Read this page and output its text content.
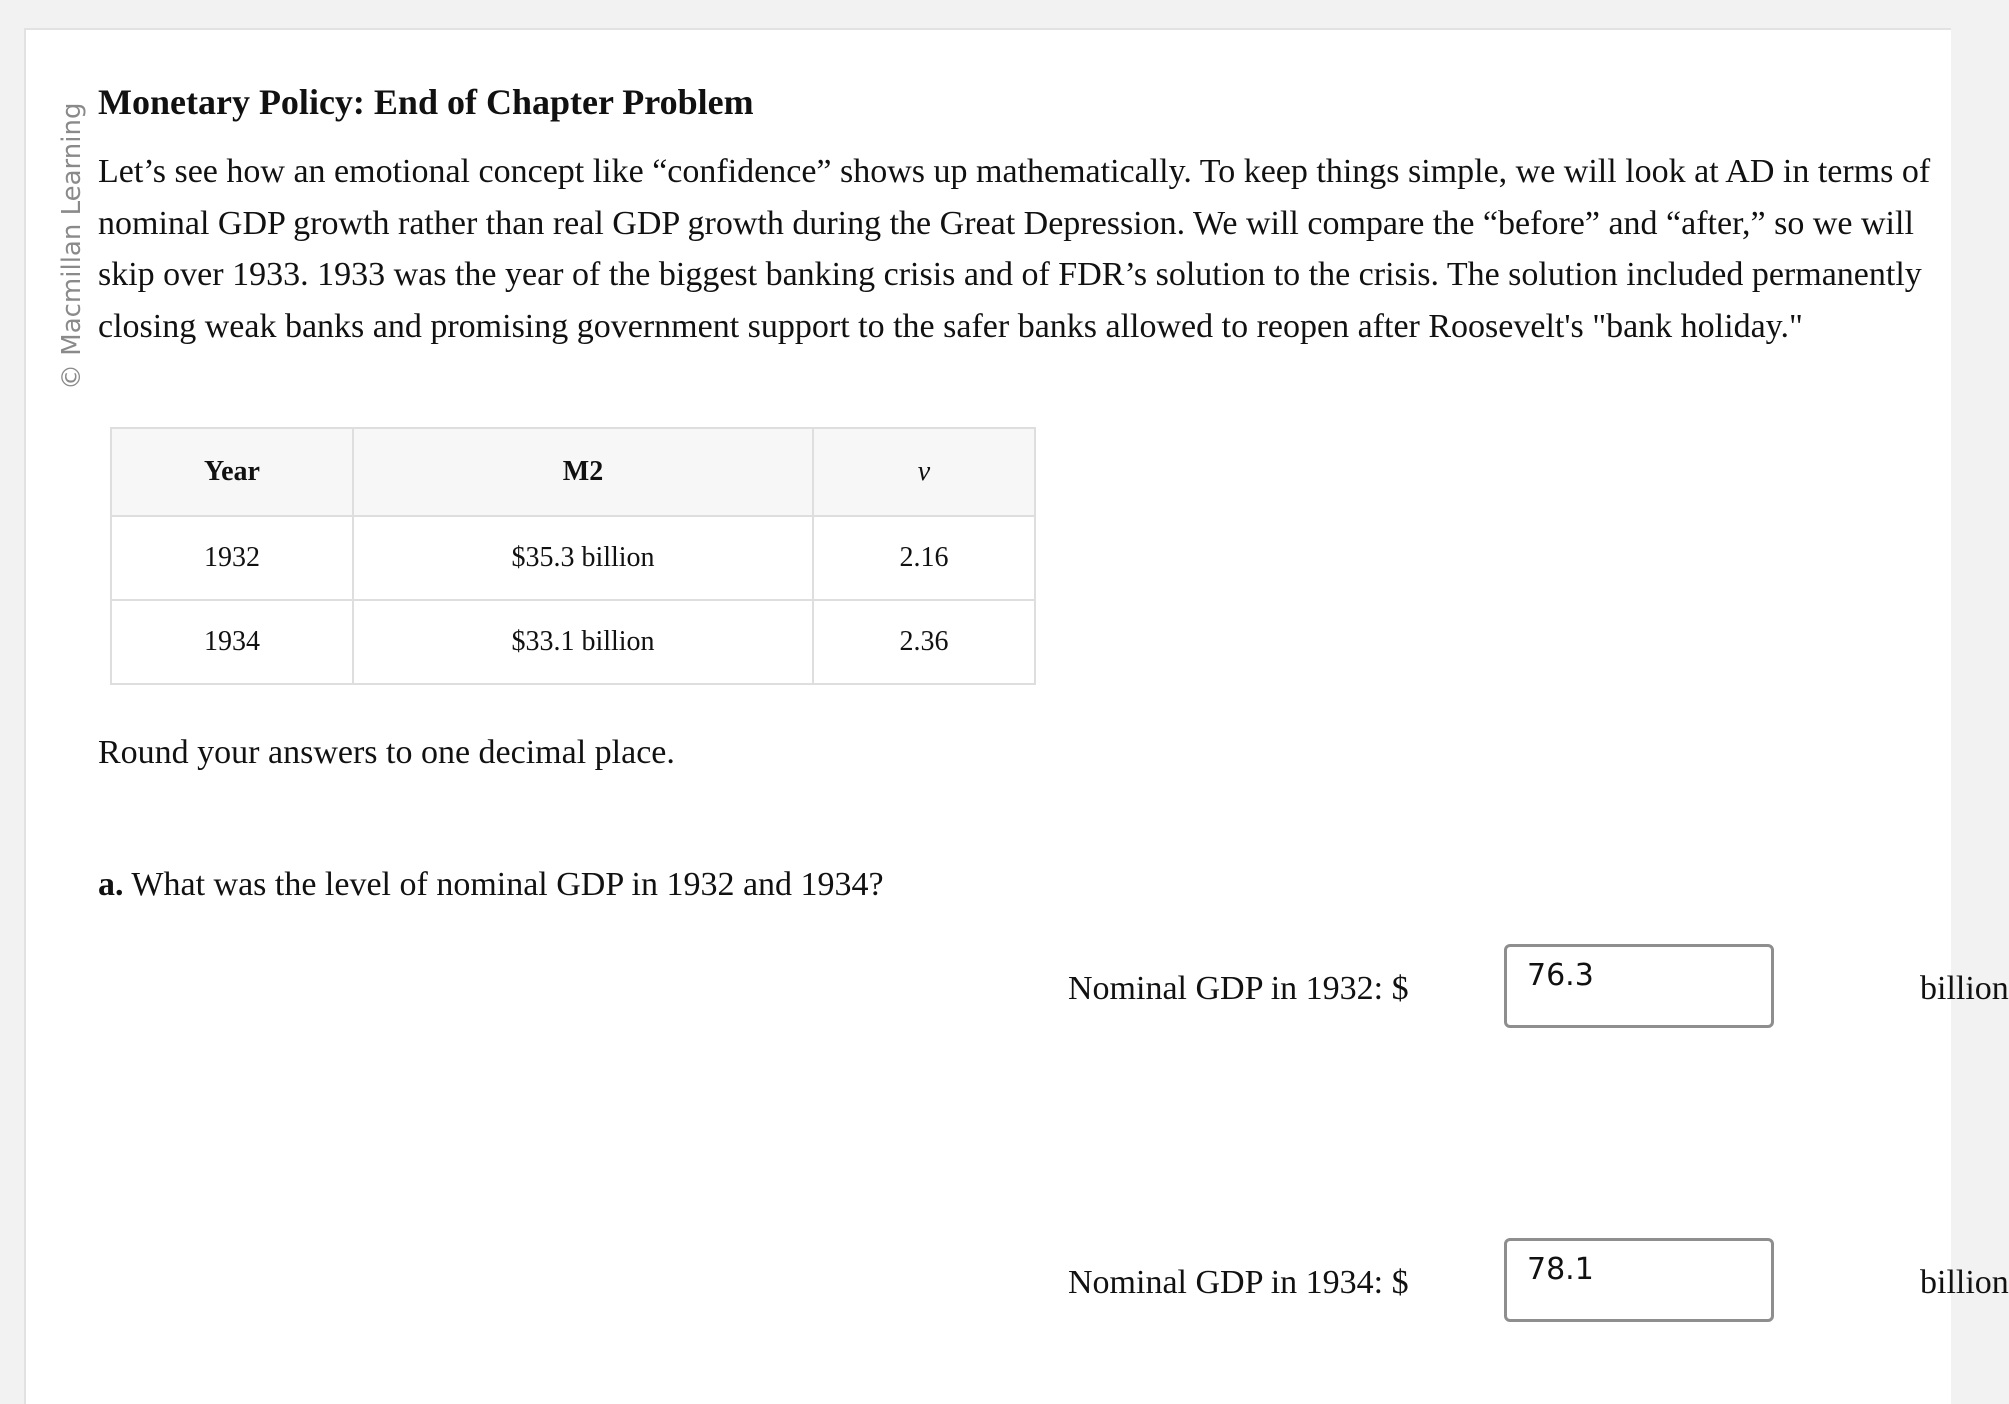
© Macmillan Learning
Monetary Policy: End of Chapter Problem

Let’s see how an emotional concept like “confidence” shows up mathematically. To keep things simple, we will look at AD in terms of nominal GDP growth rather than real GDP growth during the Great Depression. We will compare the “before” and “after,” so we will skip over 1933. 1933 was the year of the biggest banking crisis and of FDR’s solution to the crisis. The solution included permanently closing weak banks and promising government support to the safer banks allowed to reopen after Roosevelt's "bank holiday."

Year	M2	v
1932	$35.3 billion	2.16
1934	$33.1 billion	2.36

Round your answers to one decimal place.

a. What was the level of nominal GDP in 1932 and 1934?

Nominal GDP in 1932: $
76.3	billion
Nominal GDP in 1934: $
78.1	billion
